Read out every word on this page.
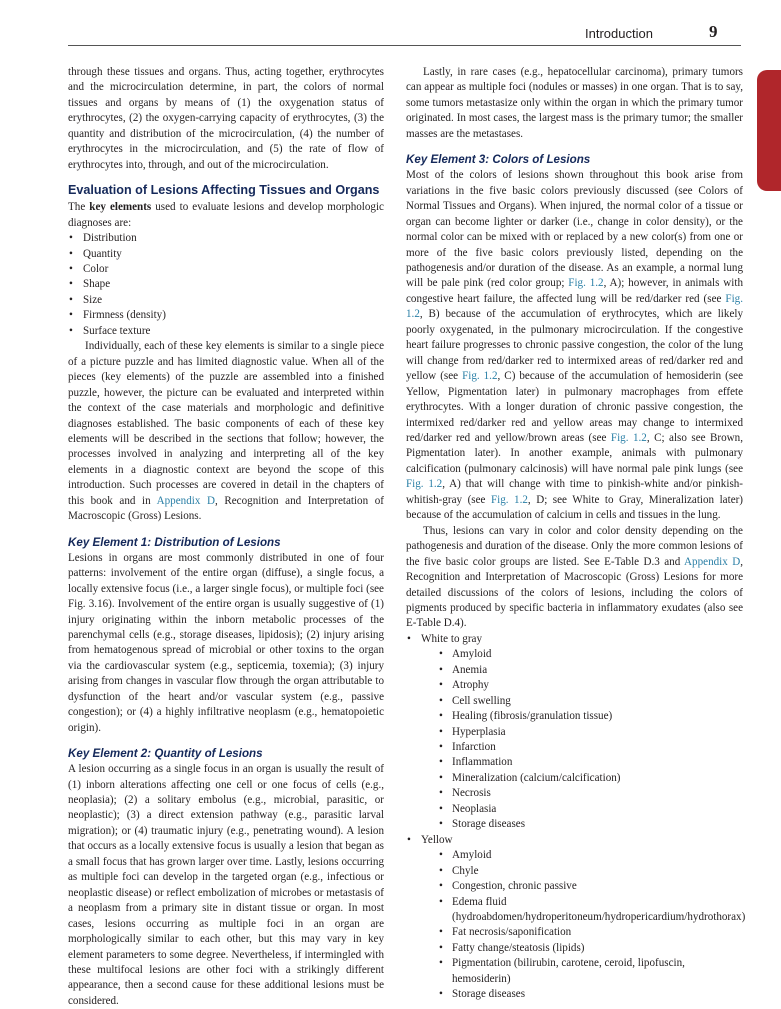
Introduction	9

through these tissues and organs. Thus, acting together, erythrocytes and the microcirculation determine, in part, the colors of normal tissues and organs by means of (1) the oxygenation status of erythrocytes, (2) the oxygen-carrying capacity of erythrocytes, (3) the quantity and distribution of the microcirculation, (4) the number of erythrocytes in the microcirculation, and (5) the rate of flow of erythrocytes into, through, and out of the microcirculation.

Evaluation of Lesions Affecting Tissues and Organs

The key elements used to evaluate lesions and develop morphologic diagnoses are:

• Distribution
• Quantity
• Color
• Shape
• Size
• Firmness (density)
• Surface texture

Individually, each of these key elements is similar to a single piece of a picture puzzle and has limited diagnostic value. When all of the pieces (key elements) of the puzzle are assembled into a finished puzzle, however, the picture can be evaluated and interpreted within the context of the case materials and morphologic and definitive diagnoses established. The basic components of each of these key elements will be described in the sections that follow; however, the processes involved in analyzing and interpreting all of the key elements in a diagnostic context are beyond the scope of this introduction. Such processes are covered in detail in the chapters of this book and in Appendix D, Recognition and Interpretation of Macroscopic (Gross) Lesions.

Key Element 1: Distribution of Lesions

Lesions in organs are most commonly distributed in one of four patterns: involvement of the entire organ (diffuse), a single focus, a locally extensive focus (i.e., a larger single focus), or multiple foci (see Fig. 3.16). Involvement of the entire organ is usually suggestive of (1) injury originating within the inborn metabolic processes of the parenchymal cells (e.g., storage diseases, lipidosis); (2) injury arising from hematogenous spread of microbial or other toxins to the organ via the cardiovascular system (e.g., septicemia, toxemia); (3) injury arising from changes in vascular flow through the organ attributable to dysfunction of the heart and/or vascular system (e.g., passive congestion); or (4) a highly infiltrative neoplasm (e.g., hematopoietic origin).

Key Element 2: Quantity of Lesions

A lesion occurring as a single focus in an organ is usually the result of (1) inborn alterations affecting one cell or one focus of cells (e.g., neoplasia); (2) a solitary embolus (e.g., microbial, parasitic, or neoplastic); (3) a direct extension pathway (e.g., parasitic larval migration); or (4) traumatic injury (e.g., penetrating wound). A lesion that occurs as a locally extensive focus is usually a lesion that began as a small focus that has grown larger over time. Lastly, lesions occurring as multiple foci can develop in the targeted organ (e.g., infectious or neoplastic disease) or reflect embolization of microbes or metastasis of a neoplasm from a primary site in distant tissue or organ. In most cases, lesions occurring as multiple foci in an organ are morphologically similar to each other, but this may vary in key element parameters to some degree. Nevertheless, if intermingled with these multifocal lesions are other foci with a strikingly different appearance, then a second cause for these additional lesions must be considered.

Lastly, in rare cases (e.g., hepatocellular carcinoma), primary tumors can appear as multiple foci (nodules or masses) in one organ. That is to say, some tumors metastasize only within the organ in which the primary tumor originated. In most cases, the largest mass is the primary tumor; the smaller masses are the metastases.

Key Element 3: Colors of Lesions

Most of the colors of lesions shown throughout this book arise from variations in the five basic colors previously discussed (see Colors of Normal Tissues and Organs). When injured, the normal color of a tissue or organ can become lighter or darker (i.e., change in color density), or the normal color can be mixed with or replaced by a new color(s) from one or more of the five basic colors previously listed, depending on the pathogenesis and/or duration of the disease. As an example, a normal lung will be pale pink (red color group; Fig. 1.2, A); however, in animals with congestive heart failure, the affected lung will be red/darker red (see Fig. 1.2, B) because of the accumulation of erythrocytes, which are likely poorly oxygenated, in the pulmonary microcirculation. If the congestive heart failure progresses to chronic passive congestion, the color of the lung will change from red/darker red to intermixed areas of red/darker red and yellow (see Fig. 1.2, C) because of the accumulation of hemosiderin (see Yellow, Pigmentation later) in pulmonary macrophages from effete erythrocytes. With a longer duration of chronic passive congestion, the intermixed red/darker red and yellow areas may change to intermixed red/darker red and yellow/brown areas (see Fig. 1.2, C; also see Brown, Pigmentation later). In another example, animals with pulmonary calcification (pulmonary calcinosis) will have normal pale pink lungs (see Fig. 1.2, A) that will change with time to pinkish-white and/or pinkish-whitish-gray (see Fig. 1.2, D; see White to Gray, Mineralization later) because of the accumulation of calcium in cells and tissues in the lung.

Thus, lesions can vary in color and color density depending on the pathogenesis and duration of the disease. Only the more common lesions of the five basic color groups are listed. See E-Table D.3 and Appendix D, Recognition and Interpretation of Macroscopic (Gross) Lesions for more detailed discussions of the colors of lesions, including the colors of pigments produced by specific bacteria in inflammatory exudates (also see E-Table D.4).

• White to gray
• Amyloid
• Anemia
• Atrophy
• Cell swelling
• Healing (fibrosis/granulation tissue)
• Hyperplasia
• Infarction
• Inflammation
• Mineralization (calcium/calcification)
• Necrosis
• Neoplasia
• Storage diseases
• Yellow
• Amyloid
• Chyle
• Congestion, chronic passive
• Edema fluid (hydroabdomen/hydroperitoneum/hydropericardium/hydrothorax)
• Fat necrosis/saponification
• Fatty change/steatosis (lipids)
• Pigmentation (bilirubin, carotene, ceroid, lipofuscin, hemosiderin)
• Storage diseases
